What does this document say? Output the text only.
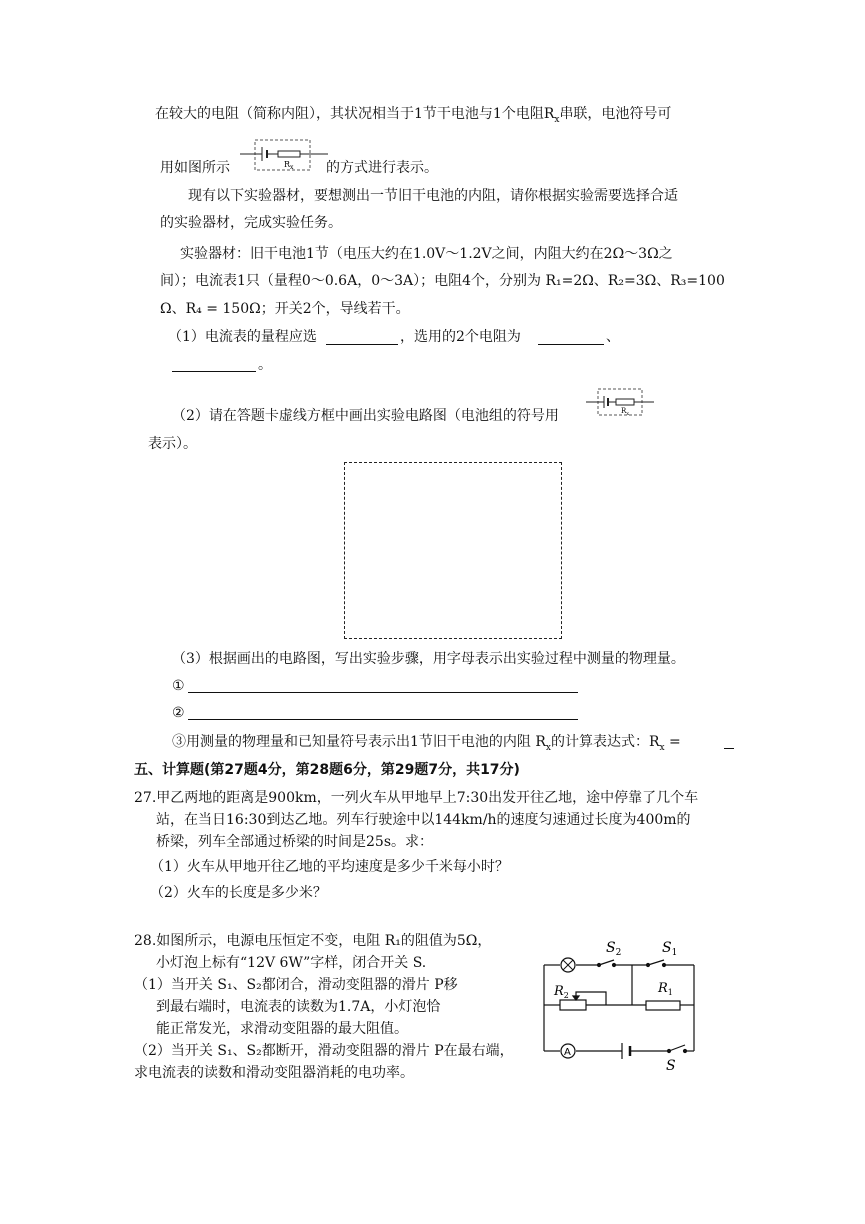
在较大的电阻（简称内阻），其状况相当于1节干电池与1个电阻$R_x$串联，电池符号可
用如图所示	$R_x$ 的方式进行表示。
现有以下实验器材，要想测出一节旧干电池的内阻，请你根据实验需要选择合适
的实验器材，完成实验任务。
实验器材：旧干电池1节（电压大约在1.0V～1.2V之间，内阻大约在2Ω～3Ω之
间）；电流表1只（量程0～0.6A，0～3A）；电阻4个，分别为 R₁=2Ω、R₂=3Ω、R₃=100
Ω、R₄ = 150Ω；开关2个，导线若干。
（1）电流表的量程应选	，选用的2个电阻为	、
。
（2）请在答题卡虚线方框中画出实验电路图（电池组的符号用	$R_x$
表示）。
（3）根据画出的电路图，写出实验步骤，用字母表示出实验过程中测量的物理量。
①
②
③用测量的物理量和已知量符号表示出1节旧干电池的内阻 $R_x$的计算表达式：$R_x$ =
五、计算题(第27题4分，第28题6分，第29题7分，共17分)
27.甲乙两地的距离是900km，一列火车从甲地早上7:30出发开往乙地，途中停靠了几个车
站，在当日16:30到达乙地。列车行驶途中以144km/h的速度匀速通过长度为400m的
桥梁，列车全部通过桥梁的时间是25s。求：
（1）火车从甲地开往乙地的平均速度是多少千米每小时？
（2）火车的长度是多少米？
28.如图所示，电源电压恒定不变，电阻 R₁的阻值为5Ω，
小灯泡上标有“12V 6W”字样，闭合开关 S.
（1）当开关 S₁、S₂都闭合，滑动变阻器的滑片 P移
到最右端时，电流表的读数为1.7A，小灯泡恰
能正常发光，求滑动变阻器的最大阻值。
（2）当开关 S₁、S₂都断开，滑动变阻器的滑片 P在最右端，
求电流表的读数和滑动变阻器消耗的电功率。
$S_2$	$S_1$
$R_2$	$R_1$
A
S
